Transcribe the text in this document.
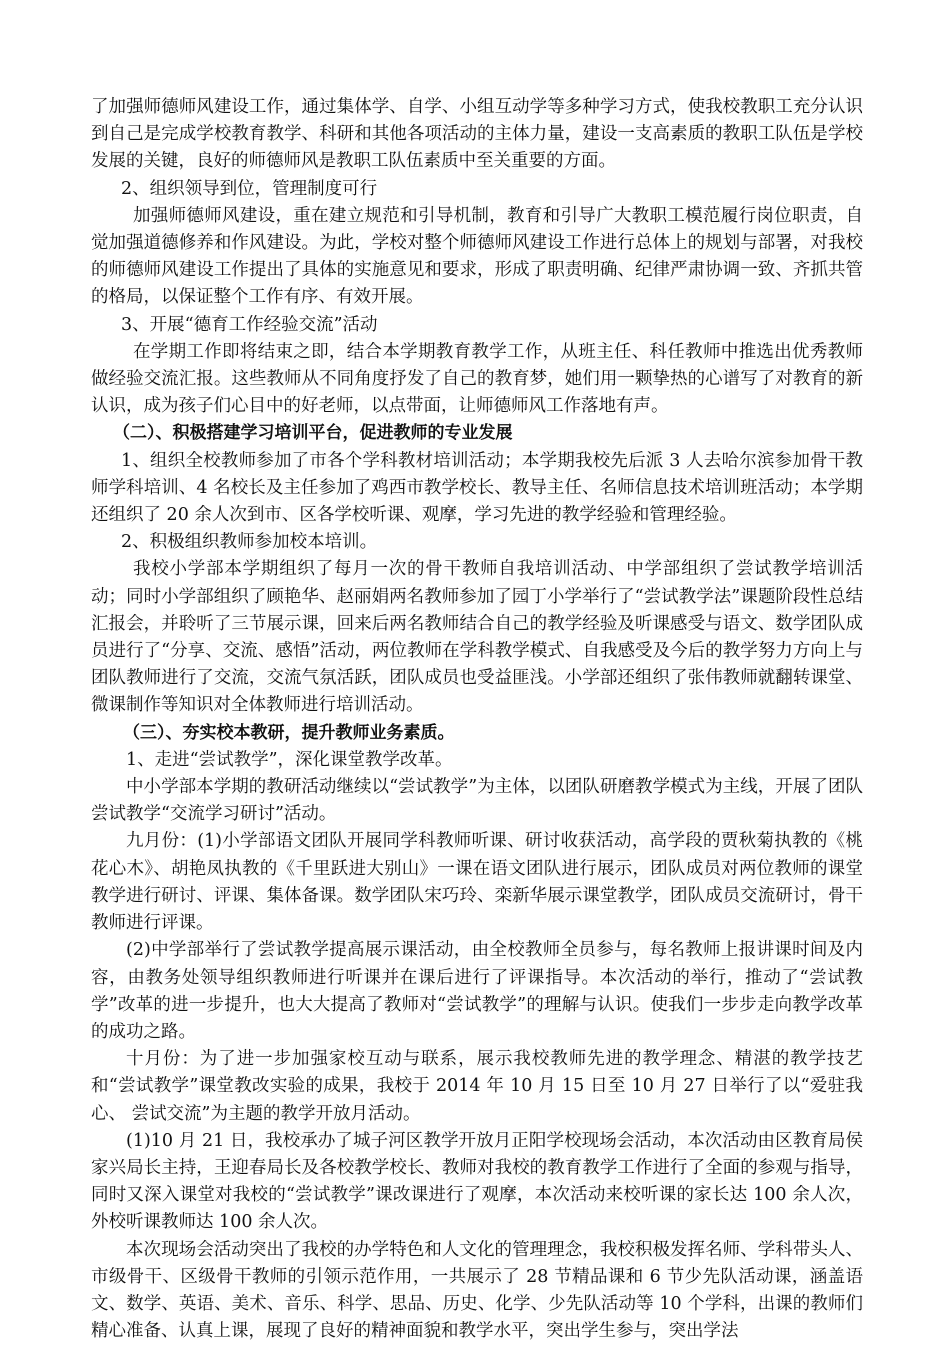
了加强师德师风建设工作，通过集体学、自学、小组互动学等多种学习方式，使我校教职工充分认识到自己是完成学校教育教学、科研和其他各项活动的主体力量，建设一支高素质的教职工队伍是学校发展的关键，良好的师德师风是教职工队伍素质中至关重要的方面。

2、组织领导到位，管理制度可行

加强师德师风建设，重在建立规范和引导机制，教育和引导广大教职工模范履行岗位职责，自觉加强道德修养和作风建设。为此，学校对整个师德师风建设工作进行总体上的规划与部署，对我校的师德师风建设工作提出了具体的实施意见和要求，形成了职责明确、纪律严肃协调一致、齐抓共管的格局，以保证整个工作有序、有效开展。

3、开展“德育工作经验交流”活动

在学期工作即将结束之即，结合本学期教育教学工作，从班主任、科任教师中推选出优秀教师做经验交流汇报。这些教师从不同角度抒发了自己的教育梦，她们用一颗挚热的心谱写了对教育的新认识，成为孩子们心目中的好老师，以点带面，让师德师风工作落地有声。

（二）、积极搭建学习培训平台，促进教师的专业发展

1、组织全校教师参加了市各个学科教材培训活动；本学期我校先后派 3 人去哈尔滨参加骨干教师学科培训、4 名校长及主任参加了鸡西市教学校长、教导主任、名师信息技术培训班活动；本学期还组织了 20 余人次到市、区各学校听课、观摩，学习先进的教学经验和管理经验。

2、积极组织教师参加校本培训。

我校小学部本学期组织了每月一次的骨干教师自我培训活动、中学部组织了尝试教学培训活动；同时小学部组织了顾艳华、赵丽娟两名教师参加了园丁小学举行了“尝试教学法”课题阶段性总结汇报会，并聆听了三节展示课，回来后两名教师结合自己的教学经验及听课感受与语文、数学团队成员进行了“分享、交流、感悟”活动，两位教师在学科教学模式、自我感受及今后的教学努力方向上与团队教师进行了交流，交流气氛活跃，团队成员也受益匪浅。小学部还组织了张伟教师就翻转课堂、微课制作等知识对全体教师进行培训活动。

（三）、夯实校本教研，提升教师业务素质。

1、走进“尝试教学”，深化课堂教学改革。

中小学部本学期的教研活动继续以“尝试教学”为主体，以团队研磨教学模式为主线，开展了团队尝试教学“交流学习研讨”活动。

九月份：(1)小学部语文团队开展同学科教师听课、研讨收获活动，高学段的贾秋菊执教的《桃花心木》、胡艳凤执教的《千里跃进大别山》一课在语文团队进行展示，团队成员对两位教师的课堂教学进行研讨、评课、集体备课。数学团队宋巧玲、栾新华展示课堂教学，团队成员交流研讨，骨干教师进行评课。

(2)中学部举行了尝试教学提高展示课活动，由全校教师全员参与，每名教师上报讲课时间及内容，由教务处领导组织教师进行听课并在课后进行了评课指导。本次活动的举行，推动了“尝试教学”改革的进一步提升，也大大提高了教师对“尝试教学”的理解与认识。使我们一步步走向教学改革的成功之路。

十月份：为了进一步加强家校互动与联系，展示我校教师先进的教学理念、精湛的教学技艺和“尝试教学”课堂教改实验的成果，我校于 2014 年 10 月 15 日至 10 月 27 日举行了以“爱驻我心、 尝试交流”为主题的教学开放月活动。

(1)10 月 21 日，我校承办了城子河区教学开放月正阳学校现场会活动，本次活动由区教育局侯家兴局长主持，王迎春局长及各校教学校长、教师对我校的教育教学工作进行了全面的参观与指导，同时又深入课堂对我校的“尝试教学”课改课进行了观摩，本次活动来校听课的家长达 100 余人次，外校听课教师达 100 余人次。

本次现场会活动突出了我校的办学特色和人文化的管理理念，我校积极发挥名师、学科带头人、市级骨干、区级骨干教师的引领示范作用，一共展示了 28 节精品课和 6 节少先队活动课，涵盖语文、数学、英语、美术、音乐、科学、思品、历史、化学、少先队活动等 10 个学科，出课的教师们精心准备、认真上课，展现了良好的精神面貌和教学水平，突出学生参与，突出学法
